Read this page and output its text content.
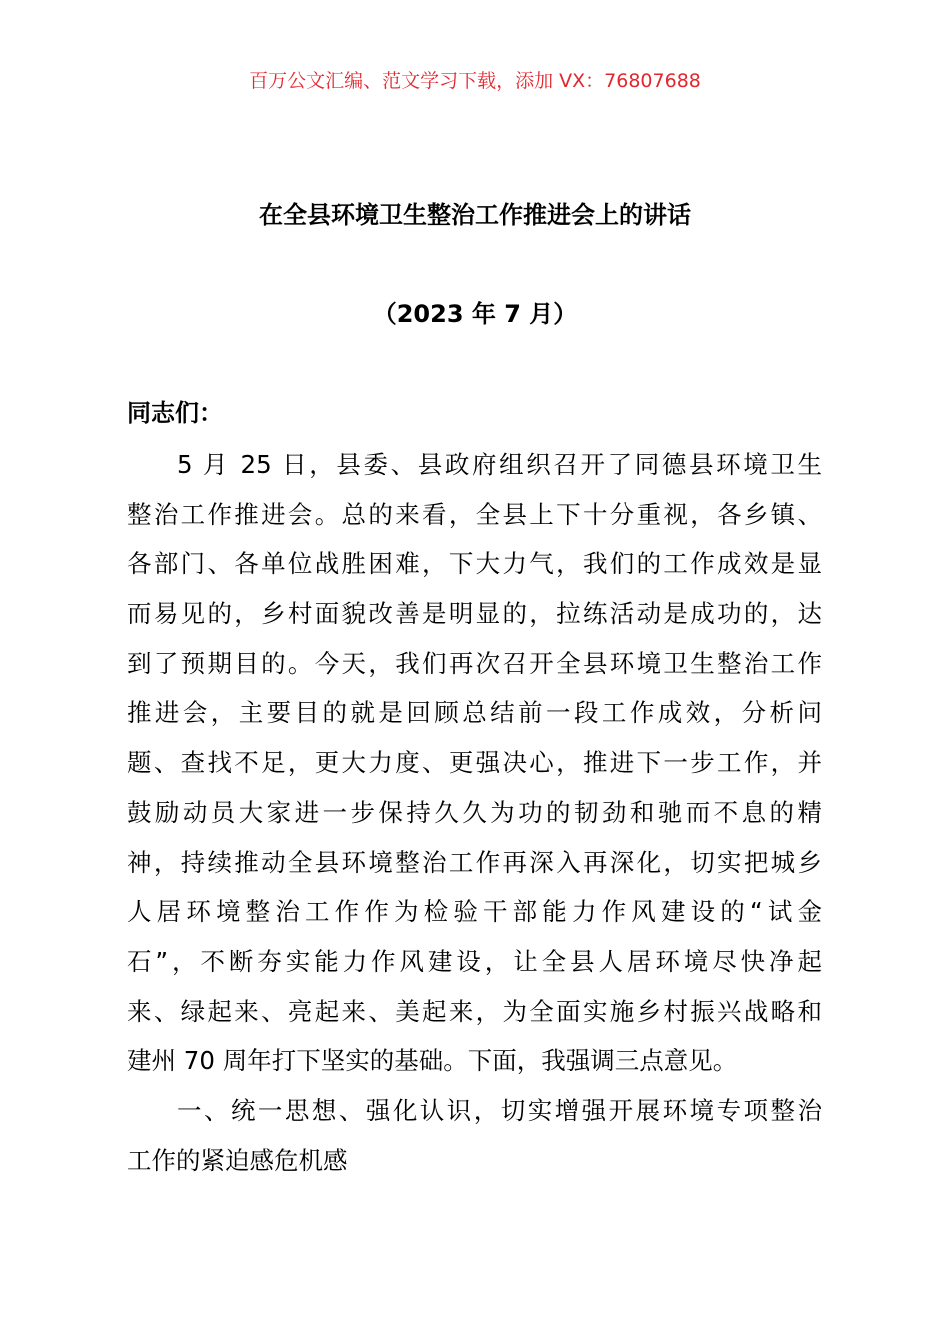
百万公文汇编、范文学习下载，添加 VX：76807688
在全县环境卫生整治工作推进会上的讲话
（2023 年 7 月）
同志们：
5 月 25 日，县委、县政府组织召开了同德县环境卫生
整治工作推进会。总的来看，全县上下十分重视，各乡镇、
各部门、各单位战胜困难，下大力气，我们的工作成效是显
而易见的，乡村面貌改善是明显的，拉练活动是成功的，达
到了预期目的。今天，我们再次召开全县环境卫生整治工作
推进会，主要目的就是回顾总结前一段工作成效，分析问
题、查找不足，更大力度、更强决心，推进下一步工作，并
鼓励动员大家进一步保持久久为功的韧劲和驰而不息的精
神，持续推动全县环境整治工作再深入再深化，切实把城乡
人居环境整治工作作为检验干部能力作风建设的“试金
石”，不断夯实能力作风建设，让全县人居环境尽快净起
来、绿起来、亮起来、美起来，为全面实施乡村振兴战略和
建州 70 周年打下坚实的基础。下面，我强调三点意见。
一、统一思想、强化认识，切实增强开展环境专项整治
工作的紧迫感危机感
